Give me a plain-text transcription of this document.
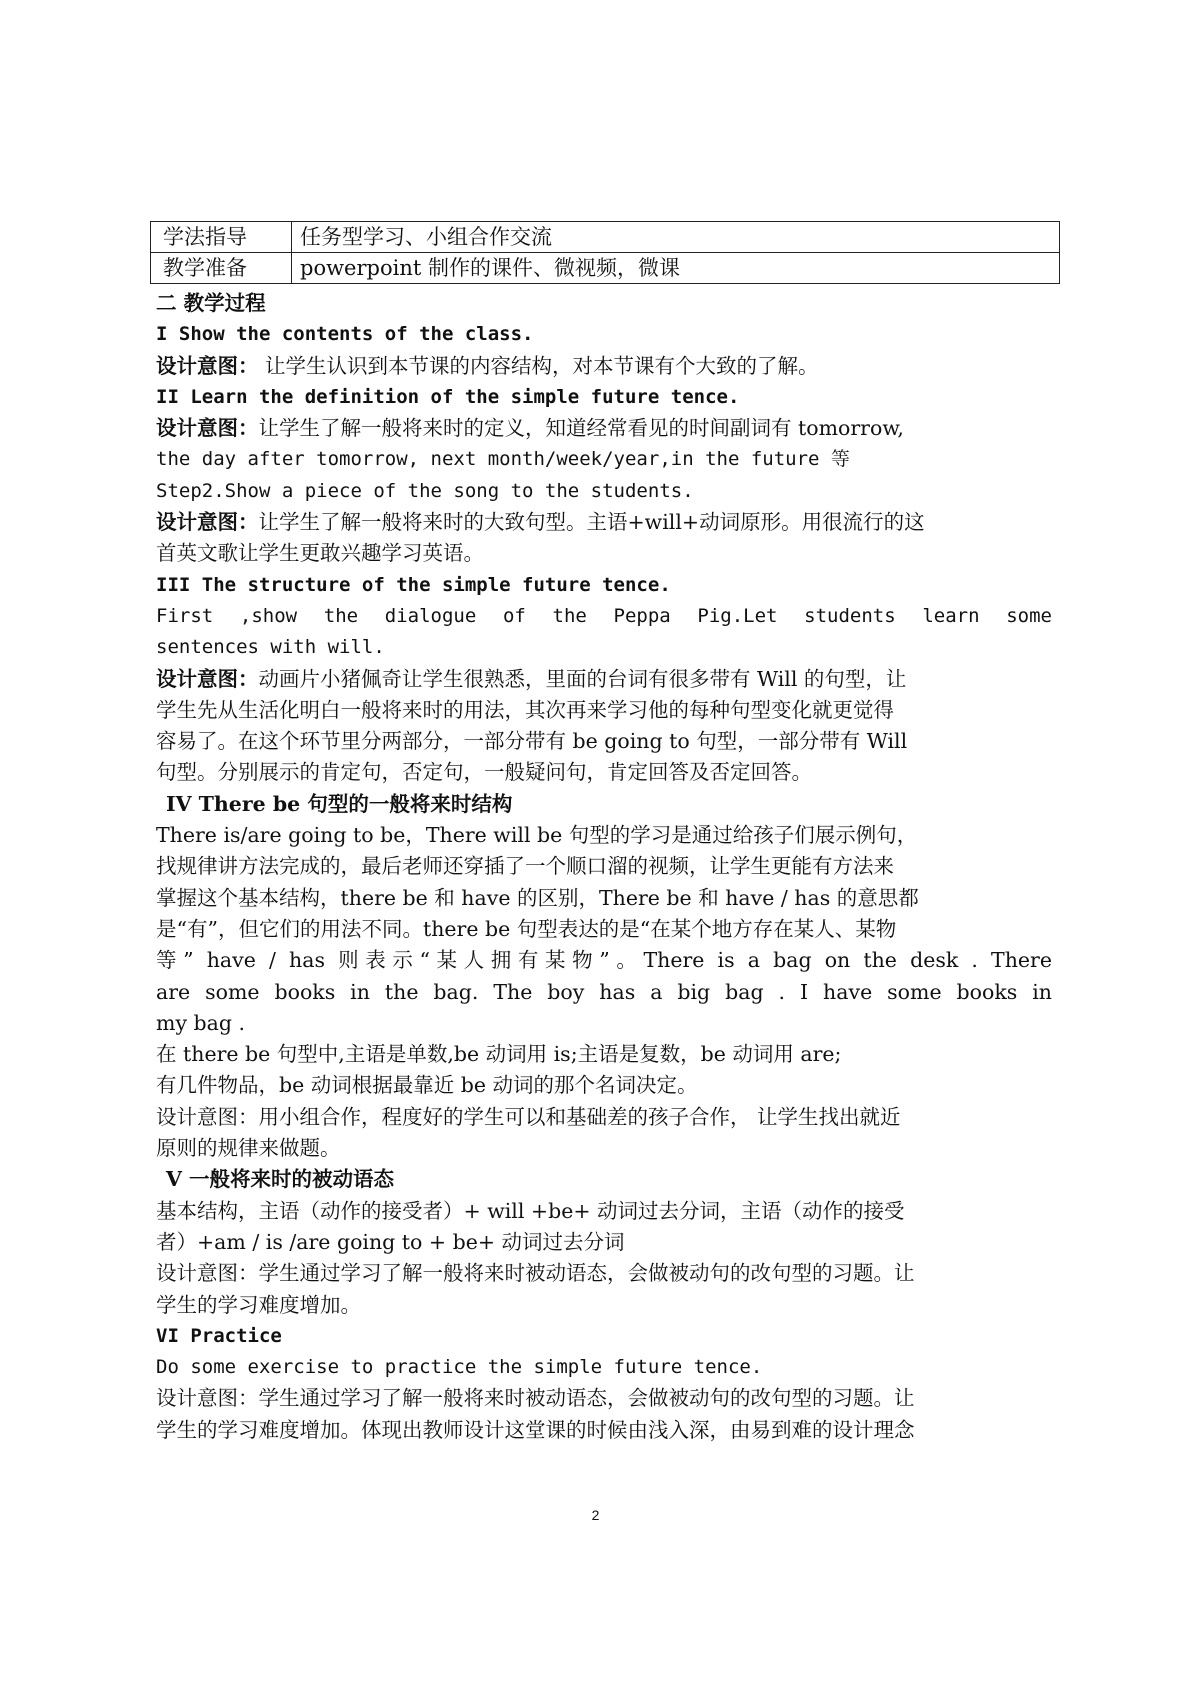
学法指导	任务型学习、小组合作交流
教学准备	powerpoint 制作的课件、微视频，微课
二 教学过程
I Show the contents of the class.
设计意图： 让学生认识到本节课的内容结构，对本节课有个大致的了解。
II Learn the definition of the simple future tence.
设计意图：让学生了解一般将来时的定义，知道经常看见的时间副词有 tomorrow,
the day after tomorrow, next month/week/year,in the future 等
Step2.Show a piece of the song to the students.
设计意图：让学生了解一般将来时的大致句型。主语+will+动词原形。用很流行的这
首英文歌让学生更敢兴趣学习英语。
III The structure of the simple future tence.
First ,show the dialogue of the Peppa Pig.Let students learn some
sentences with will.
设计意图：动画片小猪佩奇让学生很熟悉，里面的台词有很多带有 Will 的句型，让
学生先从生活化明白一般将来时的用法，其次再来学习他的每种句型变化就更觉得
容易了。在这个环节里分两部分，一部分带有 be going to 句型，一部分带有 Will
句型。分别展示的肯定句，否定句，一般疑问句，肯定回答及否定回答。
IV There be 句型的一般将来时结构
There is/are going to be，There will be 句型的学习是通过给孩子们展示例句，
找规律讲方法完成的，最后老师还穿插了一个顺口溜的视频，让学生更能有方法来
掌握这个基本结构，there be 和 have 的区别，There be 和 have / has 的意思都
是“有”，但它们的用法不同。there be 句型表达的是“在某个地方存在某人、某物
等” have / has 则表示“某人拥有某物”。There is a bag on the desk . There
are some books in the bag. The boy has a big bag . I have some books in
my bag .
在 there be 句型中,主语是单数,be 动词用 is;主语是复数，be 动词用 are;
有几件物品，be 动词根据最靠近 be 动词的那个名词决定。
设计意图：用小组合作，程度好的学生可以和基础差的孩子合作， 让学生找出就近
原则的规律来做题。
V 一般将来时的被动语态
基本结构，主语（动作的接受者）+ will +be+ 动词过去分词，主语（动作的接受
者）+am / is /are going to + be+ 动词过去分词
设计意图：学生通过学习了解一般将来时被动语态，会做被动句的改句型的习题。让
学生的学习难度增加。
VI Practice
Do some exercise to practice the simple future tence.
设计意图：学生通过学习了解一般将来时被动语态，会做被动句的改句型的习题。让
学生的学习难度增加。体现出教师设计这堂课的时候由浅入深，由易到难的设计理念
2
